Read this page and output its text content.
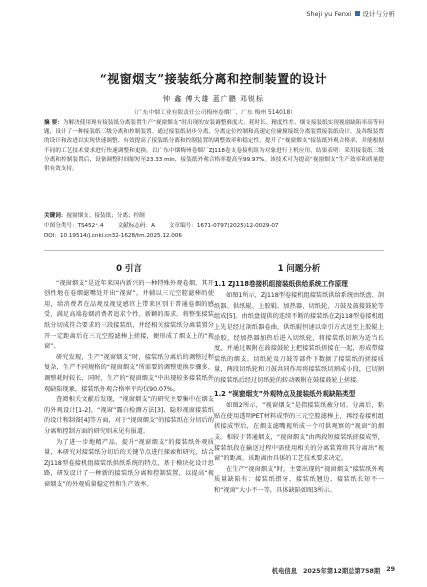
Sheji yu Fenxi 设计与分析
“视窗烟支”接装纸分离和控制装置的设计
钟 鑫 傅大雄 蓝广鹏 邓锐标
（广东中烟工业有限责任公司梅州卷烟厂，广东 梅州 514018）
摘 要：为解决使用现有接装纸分离装置生产“视窗烟支”时出现的安装调整难度大、耗时长、精度性差、烟支接装纸实现视窗缺陷率高等问题，设计了一种接装纸三级分离和控制装置。通过接装纸初步分离，分离定位控制和高速定位碰撞接纸分离装置接装纸设计，及各级装置的设计和改进以实现快速调整、有效提高了接装纸分离和控制装置的调整效率和稳定性，提升了“视窗烟支”接装纸外观合格率，并能根据不同的工艺技术要求进行快速调整和更换。以广东中烟梅州卷烟厂ZJ118卷支卷接机组为对象进行上机应用，结果表明：采用接装纸三级分离和控制装置后，设备调整时间缩短至23.33 min，接装纸外观合格率提高至99.97%。该技术可为提高“视窗烟支”生产效率和质量提供有效支持。
关键词：视窗烟支；接装纸；分离；控制
中图分类号：TS452⁺.4	文献标志码：A	文章编号：1671-0797(2025)12-0029-07
DOI：10.19514/j.cnki.cn32-1628/tm.2025.12.006
0 引言

“视窗烟支”是近年来国内新兴的一种特殊外观卷烟，其开创性地在卷烟滤嘴处开出“视窗”，并辅以三元空腔滤棒的使用，给消费者在品观及视觉感官上带来区别于普通卷烟的感受，满足高端卷烟消费者追求个性、新颖的需求。将整张接装纸分切成符合要求的三段接装纸，并经相关接装纸分离装置分开一定距离后在三元空腔滤棒上搓接，便形成了烟支上的“视窗”。

研究发现，生产“视窗烟支”时，接装纸分离后的调整过程复杂，生产不同规格的“视窗烟支”所需要的调整更换步骤多、调整耗时较长，同时，生产的“视窗烟支”中出现较多接装纸外观缺陷现象，接装纸外观合格率平均仅90.07%。

查阅相关文献后发现，“视窗烟支”的研究主要集中在烟支的外观设计[1-2]、“视窗”露白检测方法[3]、隐形视窗接装纸的设计和制备[4]等方面，对于“视窗烟支”的接装纸在分切后的分离和控制方面的研究则未见有报道。

为了进一步地精产品，提升“视窗烟支”的接装纸外观质量，本研究对接装纸分切后的关键节点进行探索和研究，结合ZJ118型卷接机组接装纸供纸系统的特点，基于模块化设计思路，研发设计了一种新的接装纸分离和控制装置，以提高“视窗烟支”的外观质量稳定性和生产效率。

1 问题分析
1.1 ZJ118卷接机组接装纸供给系统工作原理

如图1所示，ZJ118型卷接机组接装纸供给系统由纸盘、剖纸器、供纸辊、上胶辊、加热器、切纸轮、刀鼓及鼓接鼓轮等组成[5]。由纸盘提供的连续不断的接装纸在ZJ118型卷接机组上先是经过剖纸器卷曲，供纸辊恒速以牵引方式送至上胶辊上涂胶，经加热器加热后进入切纸轮，将接装纸切割为适当长度，并通过吸附在鼓接鼓轮上把接装纸搓接在一起，形成带接装纸的烟支。切纸轮及刀鼓等部件下数据了接装纸的搓接质量，两段切纸轮和刀鼓共同作用将接装纸切割成小段，已切割的接装纸后经过切纸轮的转动吸附在鼓接鼓轮上搓接。

1.2 “视窗烟支”外观特点及接装纸外观缺陷类型

如图2所示，“视窗烟支”是指接装纸被分切、分离后，粘贴在使用透明PET材料成型的三元空腔滤棒上，再经卷接机组搓接成型后，在烟支滤嘴视所成一个可供观察的“视窗”的烟支。相较于普通烟支，“视窗烟支”由两段短接装纸搓接成型，接装纸段在输送过程中需使用相关的分离装置将其分离出“视窗”的距离，该距离由具体的工艺技术要求决定。

在生产“视窗烟支”时，主要出现的“视窗烟支”接装纸外观质量缺陷有：接装纸错牙、接装纸翘边、接装纸长短不一和“视窗”大小不一等，具体缺陷如图3所示。

机电信息 2025年第12期总第758期 29
